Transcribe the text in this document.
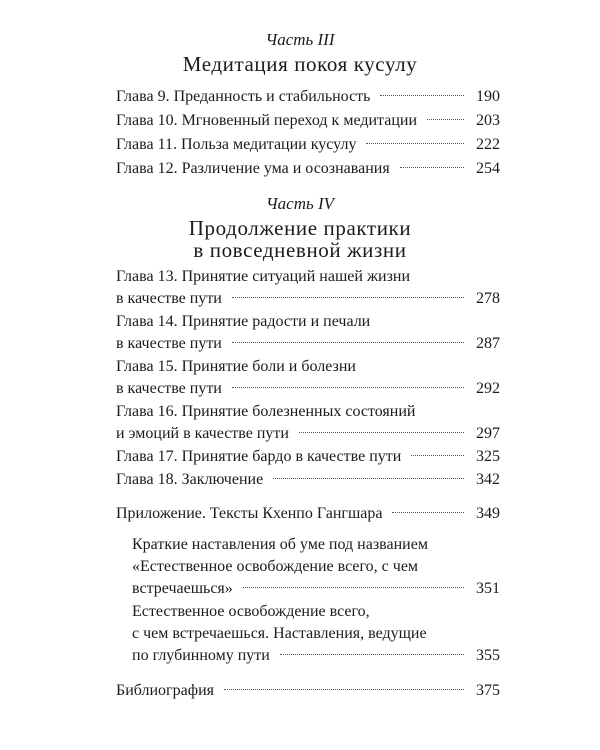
Часть III
Медитация покоя кусулу
Глава 9. Преданность и стабильность	190
Глава 10. Мгновенный переход к медитации	203
Глава 11. Польза медитации кусулу	222
Глава 12. Различение ума и осознавания	254
Часть IV
Продолжение практики
в повседневной жизни
Глава 13. Принятие ситуаций нашей жизни
в качестве пути	278
Глава 14. Принятие радости и печали
в качестве пути	287
Глава 15. Принятие боли и болезни
в качестве пути	292
Глава 16. Принятие болезненных состояний
и эмоций в качестве пути	297
Глава 17. Принятие бардо в качестве пути	325
Глава 18. Заключение	342
Приложение. Тексты Кхенпо Гангшара	349
Краткие наставления об уме под названием
«Естественное освобождение всего, с чем
встречаешься»	351
Естественное освобождение всего,
с чем встречаешься. Наставления, ведущие
по глубинному пути	355
Библиография	375
